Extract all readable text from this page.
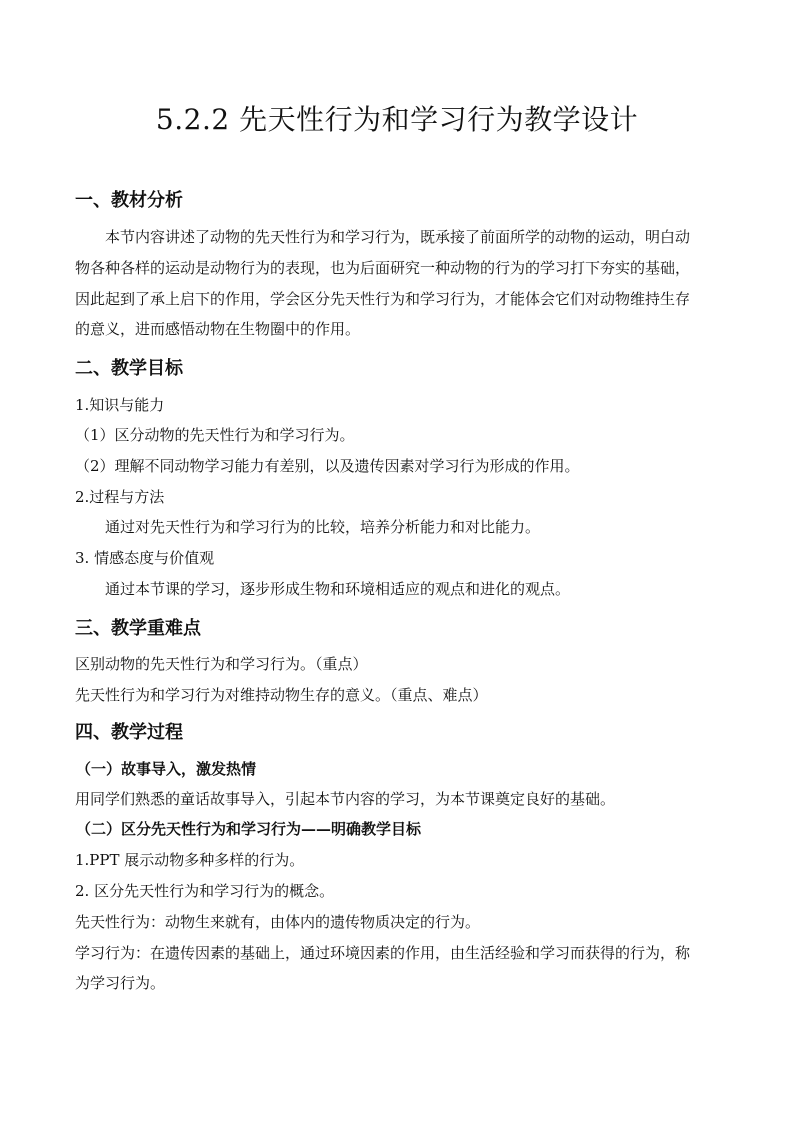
5.2.2 先天性行为和学习行为教学设计
一、教材分析
本节内容讲述了动物的先天性行为和学习行为，既承接了前面所学的动物的运动，明白动
物各种各样的运动是动物行为的表现，也为后面研究一种动物的行为的学习打下夯实的基础，
因此起到了承上启下的作用，学会区分先天性行为和学习行为，才能体会它们对动物维持生存
的意义，进而感悟动物在生物圈中的作用。
二、教学目标
1.知识与能力
（1）区分动物的先天性行为和学习行为。
（2）理解不同动物学习能力有差别，以及遗传因素对学习行为形成的作用。
2.过程与方法
通过对先天性行为和学习行为的比较，培养分析能力和对比能力。
3. 情感态度与价值观
通过本节课的学习，逐步形成生物和环境相适应的观点和进化的观点。
三、教学重难点
区别动物的先天性行为和学习行为。（重点）
先天性行为和学习行为对维持动物生存的意义。（重点、难点）
四、教学过程
（一）故事导入，激发热情
用同学们熟悉的童话故事导入，引起本节内容的学习，为本节课奠定良好的基础。
（二）区分先天性行为和学习行为——明确教学目标
1.PPT 展示动物多种多样的行为。
2. 区分先天性行为和学习行为的概念。
先天性行为：动物生来就有，由体内的遗传物质决定的行为。
学习行为：在遗传因素的基础上，通过环境因素的作用，由生活经验和学习而获得的行为，称
为学习行为。
